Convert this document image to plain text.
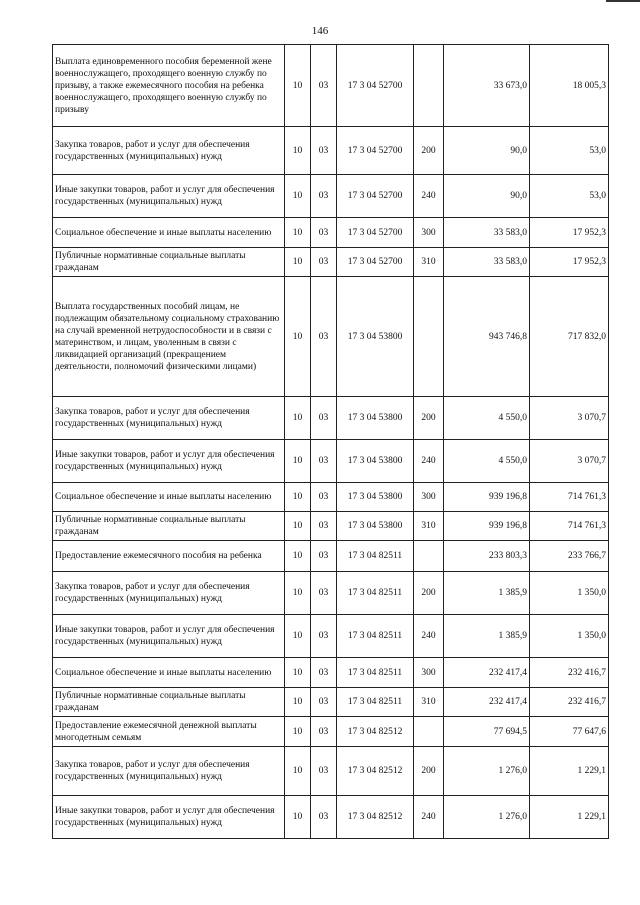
146
Выплата единовременного пособия беременной жене военнослужащего, проходящего военную службу по призыву, а также ежемесячного пособия на ребенка военнослужащего, проходящего военную службу по призыву	10	03	17 3 04 52700		33 673,0	18 005,3
Закупка товаров, работ и услуг для обеспечения государственных (муниципальных) нужд	10	03	17 3 04 52700	200	90,0	53,0
Иные закупки товаров, работ и услуг для обеспечения государственных (муниципальных) нужд	10	03	17 3 04 52700	240	90,0	53,0
Социальное обеспечение и иные выплаты населению	10	03	17 3 04 52700	300	33 583,0	17 952,3
Публичные нормативные социальные выплаты гражданам	10	03	17 3 04 52700	310	33 583,0	17 952,3
Выплата государственных пособий лицам, не подлежащим обязательному социальному страхованию на случай временной нетрудоспособности и в связи с материнством, и лицам, уволенным в связи с ликвидацией организаций (прекращением деятельности, полномочий физическими лицами)	10	03	17 3 04 53800		943 746,8	717 832,0
Закупка товаров, работ и услуг для обеспечения государственных (муниципальных) нужд	10	03	17 3 04 53800	200	4 550,0	3 070,7
Иные закупки товаров, работ и услуг для обеспечения государственных (муниципальных) нужд	10	03	17 3 04 53800	240	4 550,0	3 070,7
Социальное обеспечение и иные выплаты населению	10	03	17 3 04 53800	300	939 196,8	714 761,3
Публичные нормативные социальные выплаты гражданам	10	03	17 3 04 53800	310	939 196,8	714 761,3
Предоставление ежемесячного пособия на ребенка	10	03	17 3 04 82511		233 803,3	233 766,7
Закупка товаров, работ и услуг для обеспечения государственных (муниципальных) нужд	10	03	17 3 04 82511	200	1 385,9	1 350,0
Иные закупки товаров, работ и услуг для обеспечения государственных (муниципальных) нужд	10	03	17 3 04 82511	240	1 385,9	1 350,0
Социальное обеспечение и иные выплаты населению	10	03	17 3 04 82511	300	232 417,4	232 416,7
Публичные нормативные социальные выплаты гражданам	10	03	17 3 04 82511	310	232 417,4	232 416,7
Предоставление ежемесячной денежной выплаты многодетным семьям	10	03	17 3 04 82512		77 694,5	77 647,6
Закупка товаров, работ и услуг для обеспечения государственных (муниципальных) нужд	10	03	17 3 04 82512	200	1 276,0	1 229,1
Иные закупки товаров, работ и услуг для обеспечения государственных (муниципальных) нужд	10	03	17 3 04 82512	240	1 276,0	1 229,1
